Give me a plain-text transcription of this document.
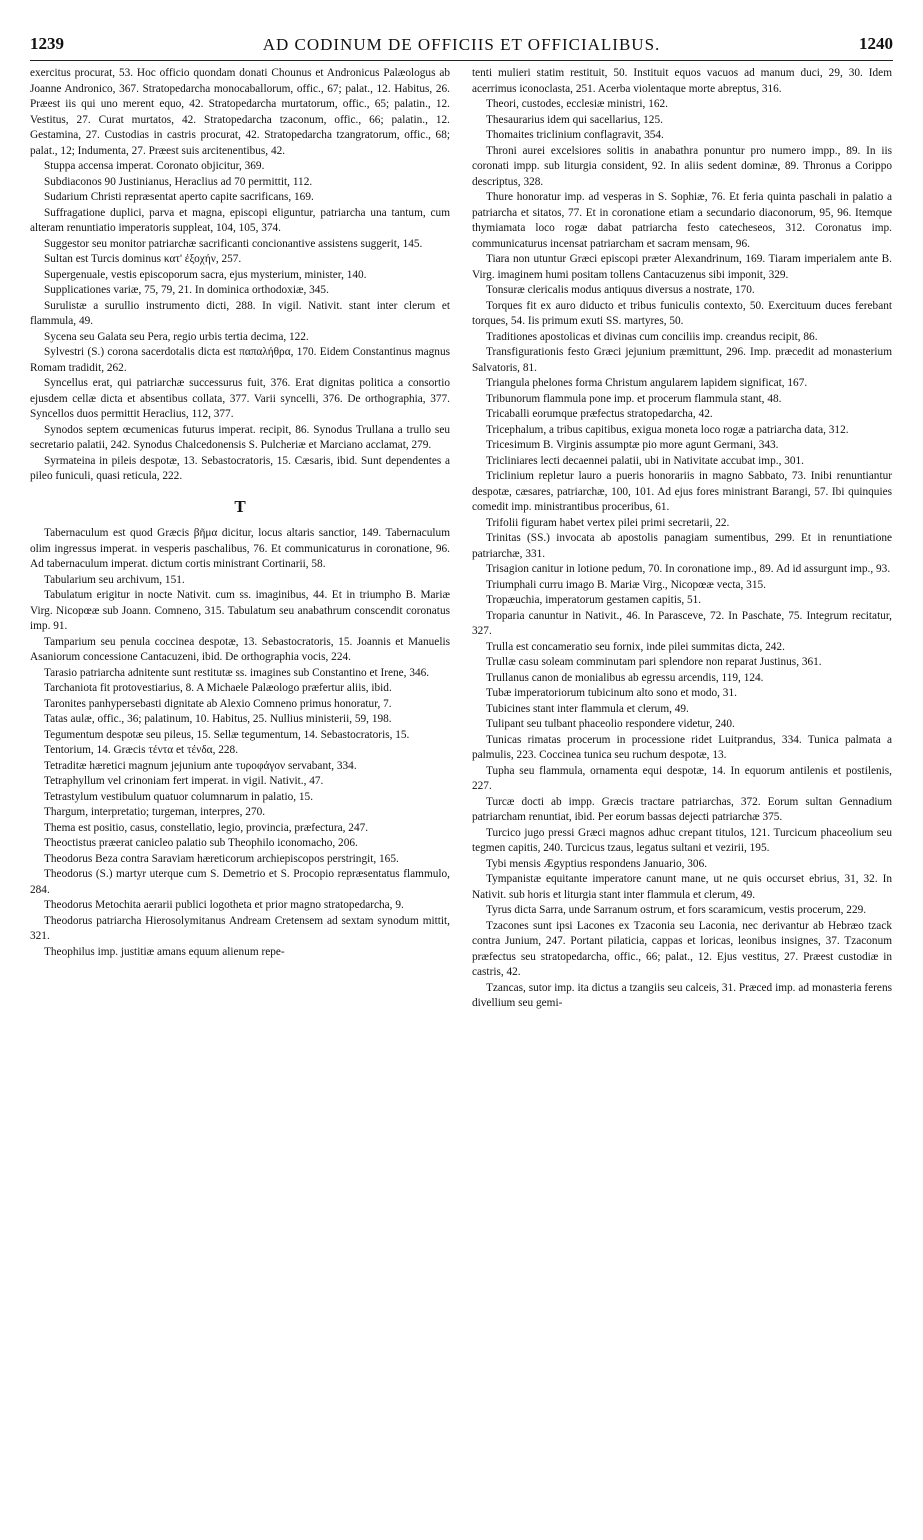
1239	AD CODINUM DE OFFICIIS ET OFFICIALIBUS.	1240

exercitus procurat, 53. Hoc officio quondam donati Chounus et Andronicus Palæologus ab Joanne Andronico, 367. Stratopedarcha monocaballorum, offic., 67; palat., 12. Habitus, 26. Præest iis qui uno merent equo, 42. Stratopedarcha murtatorum, offic., 65; palatin., 12. Vestitus, 27. Curat murtatos, 42. Stratopedarcha tzaconum, offic., 66; palatin., 12. Gestamina, 27. Custodias in castris procurat, 42. Stratopedarcha tzangratorum, offic., 68; palat., 12; Indumenta, 27. Præest suis arcitenentibus, 42.

Stuppa accensa imperat. Coronato objicitur, 369.

Subdiaconos 90 Justinianus, Heraclius ad 70 permittit, 112.

Sudarium Christi repræsentat aperto capite sacrificans, 169.

Suffragatione duplici, parva et magna, episcopi eliguntur, patriarcha una tantum, cum alteram renuntiatio imperatoris suppleat, 104, 105, 374.

Suggestor seu monitor patriarchæ sacrificanti concionantive assistens suggerit, 145.

Sultan est Turcis dominus κατ' ἐξοχήν, 257.

Supergenuale, vestis episcoporum sacra, ejus mysterium, minister, 140.

Supplicationes variæ, 75, 79, 21. In dominica orthodoxiæ, 345.

Surulistæ a surullio instrumento dicti, 288. In vigil. Nativit. stant inter clerum et flammula, 49.

Sycena seu Galata seu Pera, regio urbis tertia decima, 122.

Sylvestri (S.) corona sacerdotalis dicta est παπαλήθρα, 170. Eidem Constantinus magnus Romam tradidit, 262.

Syncellus erat, qui patriarchæ successurus fuit, 376. Erat dignitas politica a consortio ejusdem cellæ dicta et absentibus collata, 377. Varii syncelli, 376. De orthographia, 377. Syncellos duos permittit Heraclius, 112, 377.

Synodos septem œcumenicas futurus imperat. recipit, 86. Synodus Trullana a trullo seu secretario palatii, 242. Synodus Chalcedonensis S. Pulcheriæ et Marciano acclamat, 279.

Syrmateina in pileis despotæ, 13. Sebastocratoris, 15. Cæsaris, ibid. Sunt dependentes a pileo funiculi, quasi reticula, 222.

T

Tabernaculum est quod Græcis βῆμα dicitur, locus altaris sanctior, 149. Tabernaculum olim ingressus imperat. in vesperis paschalibus, 76. Et communicaturus in coronatione, 96. Ad tabernaculum imperat. dictum cortis ministrant Cortinarii, 58.

Tabularium seu archivum, 151.

Tabulatum erigitur in nocte Nativit. cum ss. imaginibus, 44. Et in triumpho B. Mariæ Virg. Nicopœæ sub Joann. Comneno, 315. Tabulatum seu anabathrum conscendit coronatus imp. 91.

Tamparium seu penula coccinea despotæ, 13. Sebastocratoris, 15. Joannis et Manuelis Asaniorum concessione Cantacuzeni, ibid. De orthographia vocis, 224.

Tarasio patriarcha adnitente sunt restitutæ ss. imagines sub Constantino et Irene, 346.

Tarchaniota fit protovestiarius, 8. A Michaele Palæologo præfertur aliis, ibid.

Taronites panhypersebasti dignitate ab Alexio Comneno primus honoratur, 7.

Tatas aulæ, offic., 36; palatinum, 10. Habitus, 25. Nullius ministerii, 59, 198.

Tegumentum despotæ seu pileus, 15. Sellæ tegumentum, 14. Sebastocratoris, 15.

Tentorium, 14. Græcis τέντα et τένδα, 228.

Tetraditæ hæretici magnum jejunium ante τυροφάγον servabant, 334.

Tetraphyllum vel crinoniam fert imperat. in vigil. Nativit., 47.

Tetrastylum vestibulum quatuor columnarum in palatio, 15.

Thargum, interpretatio; turgeman, interpres, 270.

Thema est positio, casus, constellatio, legio, provincia, præfectura, 247.

Theoctistus præerat canicleo palatio sub Theophilo iconomacho, 206.

Theodorus Beza contra Saraviam hæreticorum archiepiscopos perstringit, 165.

Theodorus (S.) martyr uterque cum S. Demetrio et S. Procopio repræsentatus flammulo, 284.

Theodorus Metochita aerarii publici logotheta et prior magno stratopedarcha, 9.

Theodorus patriarcha Hierosolymitanus Andream Cretensem ad sextam synodum mittit, 321.

Theophilus imp. justitiæ amans equum alienum repe-

tenti mulieri statim restituit, 50. Instituit equos vacuos ad manum duci, 29, 30. Idem acerrimus iconoclasta, 251. Acerba violentaque morte abreptus, 316.

Theori, custodes, ecclesiæ ministri, 162.

Thesaurarius idem qui sacellarius, 125.

Thomaites triclinium conflagravit, 354.

Throni aurei excelsiores solitis in anabathra ponuntur pro numero impp., 89. In iis coronati impp. sub liturgia consident, 92. In aliis sedent dominæ, 89. Thronus a Corippo descriptus, 328.

Thure honoratur imp. ad vesperas in S. Sophiæ, 76. Et feria quinta paschali in palatio a patriarcha et sitatos, 77. Et in coronatione etiam a secundario diaconorum, 95, 96. Itemque thymiamata loco rogæ dabat patriarcha festo catecheseos, 312. Coronatus imp. communicaturus incensat patriarcham et sacram mensam, 96.

Tiara non utuntur Græci episcopi præter Alexandrinum, 169. Tiaram imperialem ante B. Virg. imaginem humi positam tollens Cantacuzenus sibi imponit, 329.

Tonsuræ clericalis modus antiquus diversus a nostrate, 170.

Torques fit ex auro diducto et tribus funiculis contexto, 50. Exercituum duces ferebant torques, 54. Iis primum exuti SS. martyres, 50.

Traditiones apostolicas et divinas cum conciliis imp. creandus recipit, 86.

Transfigurationis festo Græci jejunium præmittunt, 296. Imp. præcedit ad monasterium Salvatoris, 81.

Triangula phelones forma Christum angularem lapidem significat, 167.

Tribunorum flammula pone imp. et procerum flammula stant, 48.

Tricaballi eorumque præfectus stratopedarcha, 42.

Tricephalum, a tribus capitibus, exigua moneta loco rogæ a patriarcha data, 312.

Tricesimum B. Virginis assumptæ pio more agunt Germani, 343.

Tricliniares lecti decaennei palatii, ubi in Nativitate accubat imp., 301.

Triclinium repletur lauro a pueris honorariis in magno Sabbato, 73. Inibi renuntiantur despotæ, cæsares, patriarchæ, 100, 101. Ad ejus fores ministrant Barangi, 57. Ibi quinquies comedit imp. ministrantibus proceribus, 61.

Trifolii figuram habet vertex pilei primi secretarii, 22.

Trinitas (SS.) invocata ab apostolis panagiam sumentibus, 299. Et in renuntiatione patriarchæ, 331.

Trisagion canitur in lotione pedum, 70. In coronatione imp., 89. Ad id assurgunt imp., 93.

Triumphali curru imago B. Mariæ Virg., Nicopœæ vecta, 315.

Tropæuchia, imperatorum gestamen capitis, 51.

Troparia canuntur in Nativit., 46. In Parasceve, 72. In Paschate, 75. Integrum recitatur, 327.

Trulla est concameratio seu fornix, inde pilei summitas dicta, 242.

Trullæ casu soleam comminutam pari splendore non reparat Justinus, 361.

Trullanus canon de monialibus ab egressu arcendis, 119, 124.

Tubæ imperatoriorum tubicinum alto sono et modo, 31.

Tubicines stant inter flammula et clerum, 49.

Tulipant seu tulbant phaceolio respondere videtur, 240.

Tunicas rimatas procerum in processione ridet Luitprandus, 334. Tunica palmata a palmulis, 223. Coccinea tunica seu ruchum despotæ, 13.

Tupha seu flammula, ornamenta equi despotæ, 14. In equorum antilenis et postilenis, 227.

Turcæ docti ab impp. Græcis tractare patriarchas, 372. Eorum sultan Gennadium patriarcham renuntiat, ibid. Per eorum bassas dejecti patriarchæ 375.

Turcico jugo pressi Græci magnos adhuc crepant titulos, 121. Turcicum phaceolium seu tegmen capitis, 240. Turcicus tzaus, legatus sultani et vezirii, 195.

Tybi mensis Ægyptius respondens Januario, 306.

Tympanistæ equitante imperatore canunt mane, ut ne quis occurset ebrius, 31, 32. In Nativit. sub horis et liturgia stant inter flammula et clerum, 49.

Tyrus dicta Sarra, unde Sarranum ostrum, et fors scaramicum, vestis procerum, 229.

Tzacones sunt ipsi Lacones ex Tzaconia seu Laconia, nec derivantur ab Hebræo tzack contra Junium, 247. Portant pilaticia, cappas et loricas, leonibus insignes, 37. Tzaconum præfectus seu stratopedarcha, offic., 66; palat., 12. Ejus vestitus, 27. Præest custodiæ in castris, 42.

Tzancas, sutor imp. ita dictus a tzangiis seu calceis, 31. Præced imp. ad monasteria ferens divellium seu gemi-
